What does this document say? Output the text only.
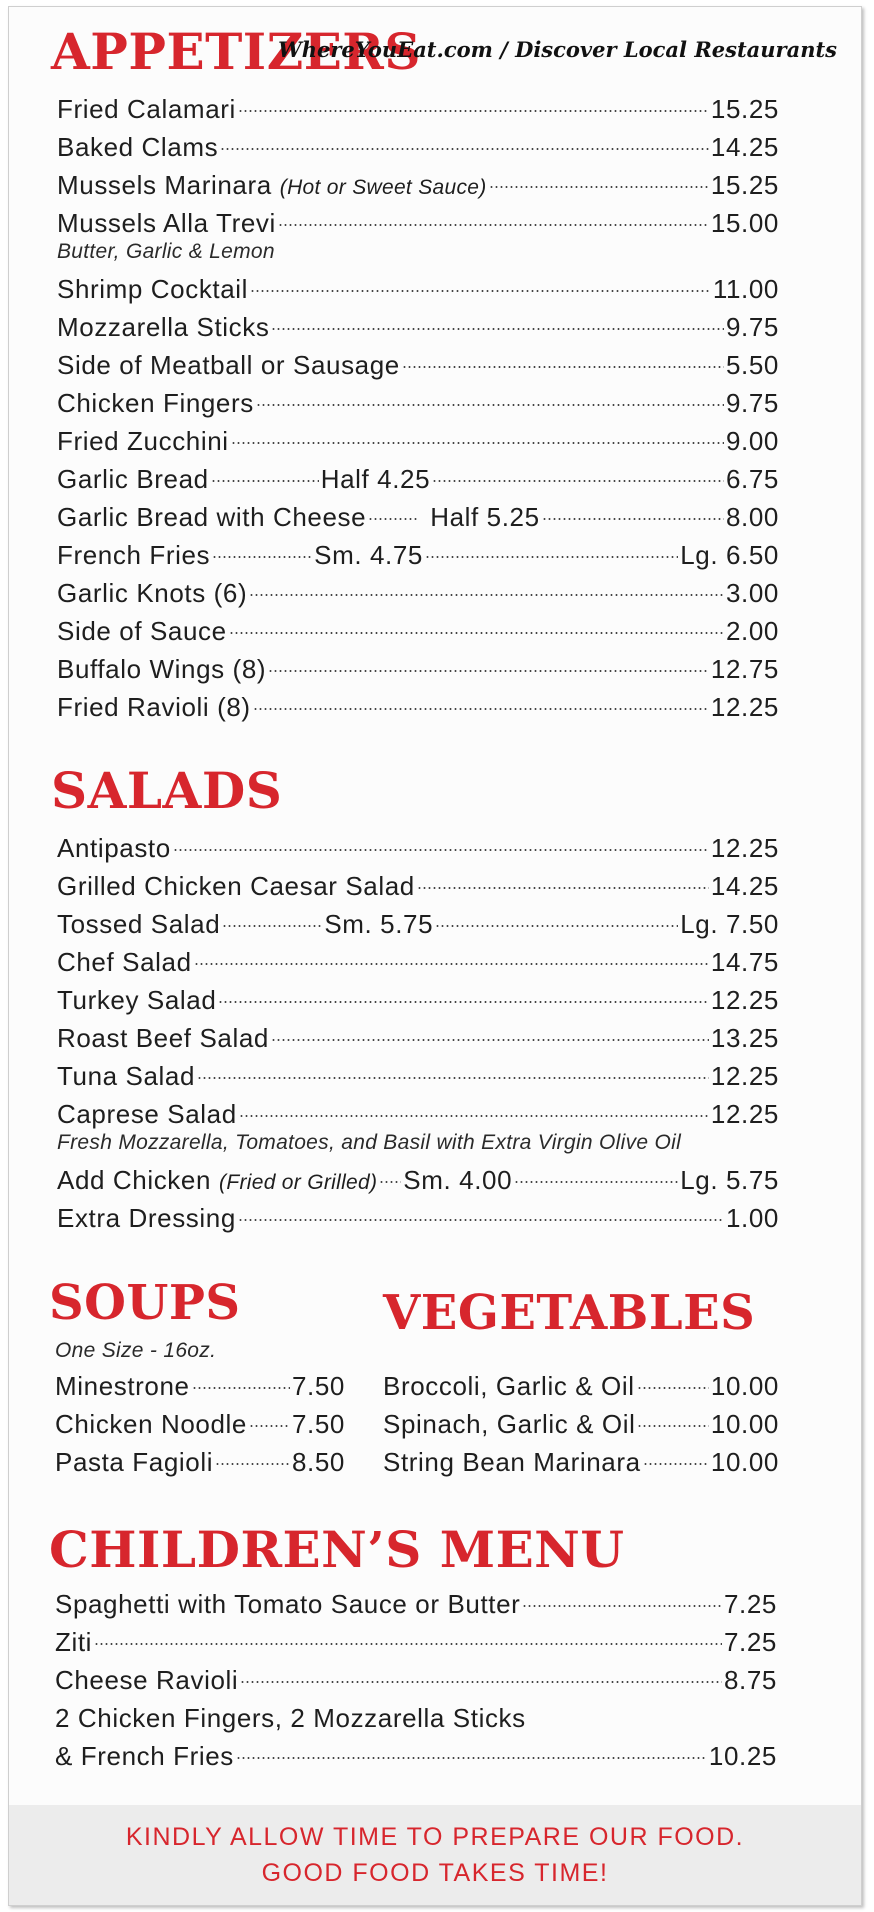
APPETIZERS
WhereYouEat.com / Discover Local Restaurants
Fried Calamari	15.25
Baked Clams	14.25
Mussels Marinara (Hot or Sweet Sauce)	15.25
Mussels Alla Trevi	15.00
Butter, Garlic & Lemon
Shrimp Cocktail	11.00
Mozzarella Sticks	9.75
Side of Meatball or Sausage	5.50
Chicken Fingers	9.75
Fried Zucchini	9.00
Garlic Bread	Half 4.25	6.75
Garlic Bread with Cheese Half 5.25	8.00
French Fries	Sm. 4.75	Lg. 6.50
Garlic Knots (6)	3.00
Side of Sauce	2.00
Buffalo Wings (8)	12.75
Fried Ravioli (8)	12.25
SALADS
Antipasto	12.25
Grilled Chicken Caesar Salad	14.25
Tossed Salad	Sm. 5.75	Lg. 7.50
Chef Salad	14.75
Turkey Salad	12.25
Roast Beef Salad	13.25
Tuna Salad	12.25
Caprese Salad	12.25
Fresh Mozzarella, Tomatoes, and Basil with Extra Virgin Olive Oil
Add Chicken (Fried or Grilled) Sm. 4.00	Lg. 5.75
Extra Dressing	1.00
SOUPS
One Size - 16oz.
Minestrone	7.50
Chicken Noodle 7.50
Pasta Fagioli	8.50
VEGETABLES
Broccoli, Garlic & Oil	10.00
Spinach, Garlic & Oil	10.00
String Bean Marinara	10.00
CHILDREN’S MENU
Spaghetti with Tomato Sauce or Butter	7.25
Ziti	7.25
Cheese Ravioli	8.75
2 Chicken Fingers, 2 Mozzarella Sticks
& French Fries	10.25
KINDLY ALLOW TIME TO PREPARE OUR FOOD.
GOOD FOOD TAKES TIME!
